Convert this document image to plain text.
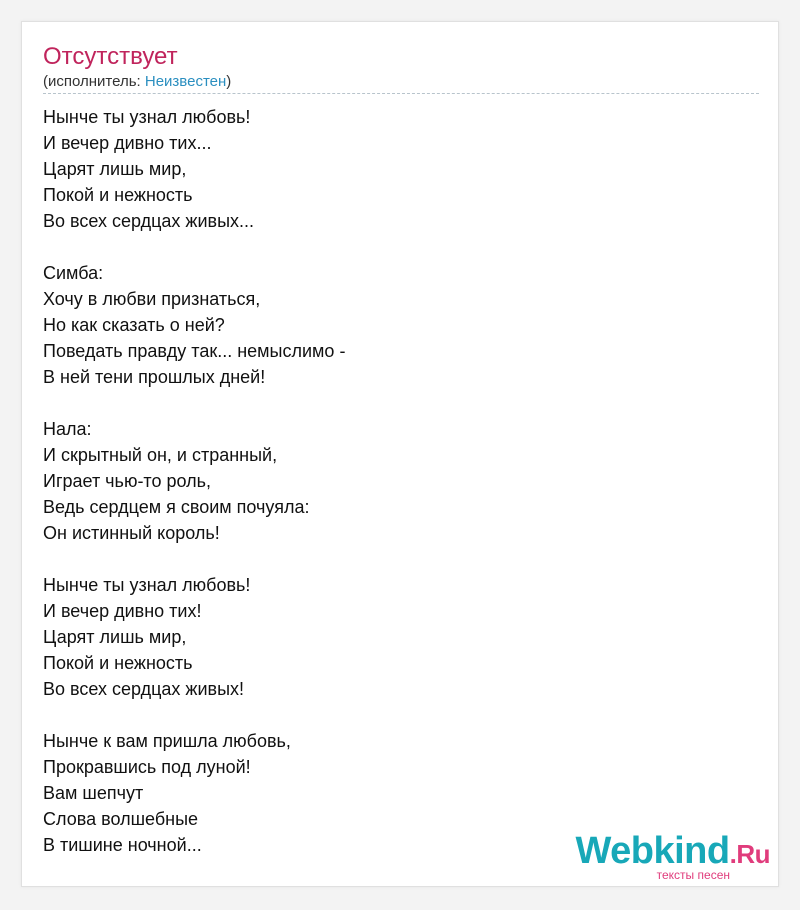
Отсутствует
(исполнитель: Неизвестен)
Нынче ты узнал любовь!
И вечер дивно тих...
Царят лишь мир,
Покой и нежность
Во всех сердцах живых...
Симба:
Хочу в любви признаться,
Но как сказать о ней?
Поведать правду так... немыслимо -
В ней тени прошлых дней!
Нала:
И скрытный он, и странный,
Играет чью-то роль,
Ведь сердцем я своим почуяла:
Он истинный король!
Нынче ты узнал любовь!
И вечер дивно тих!
Царят лишь мир,
Покой и нежность
Во всех сердцах живых!
Нынче к вам пришла любовь,
Прокравшись под луной!
Вам шепчут
Слова волшебные
В тишине ночной...	Webkind.Ru
тексты песен
